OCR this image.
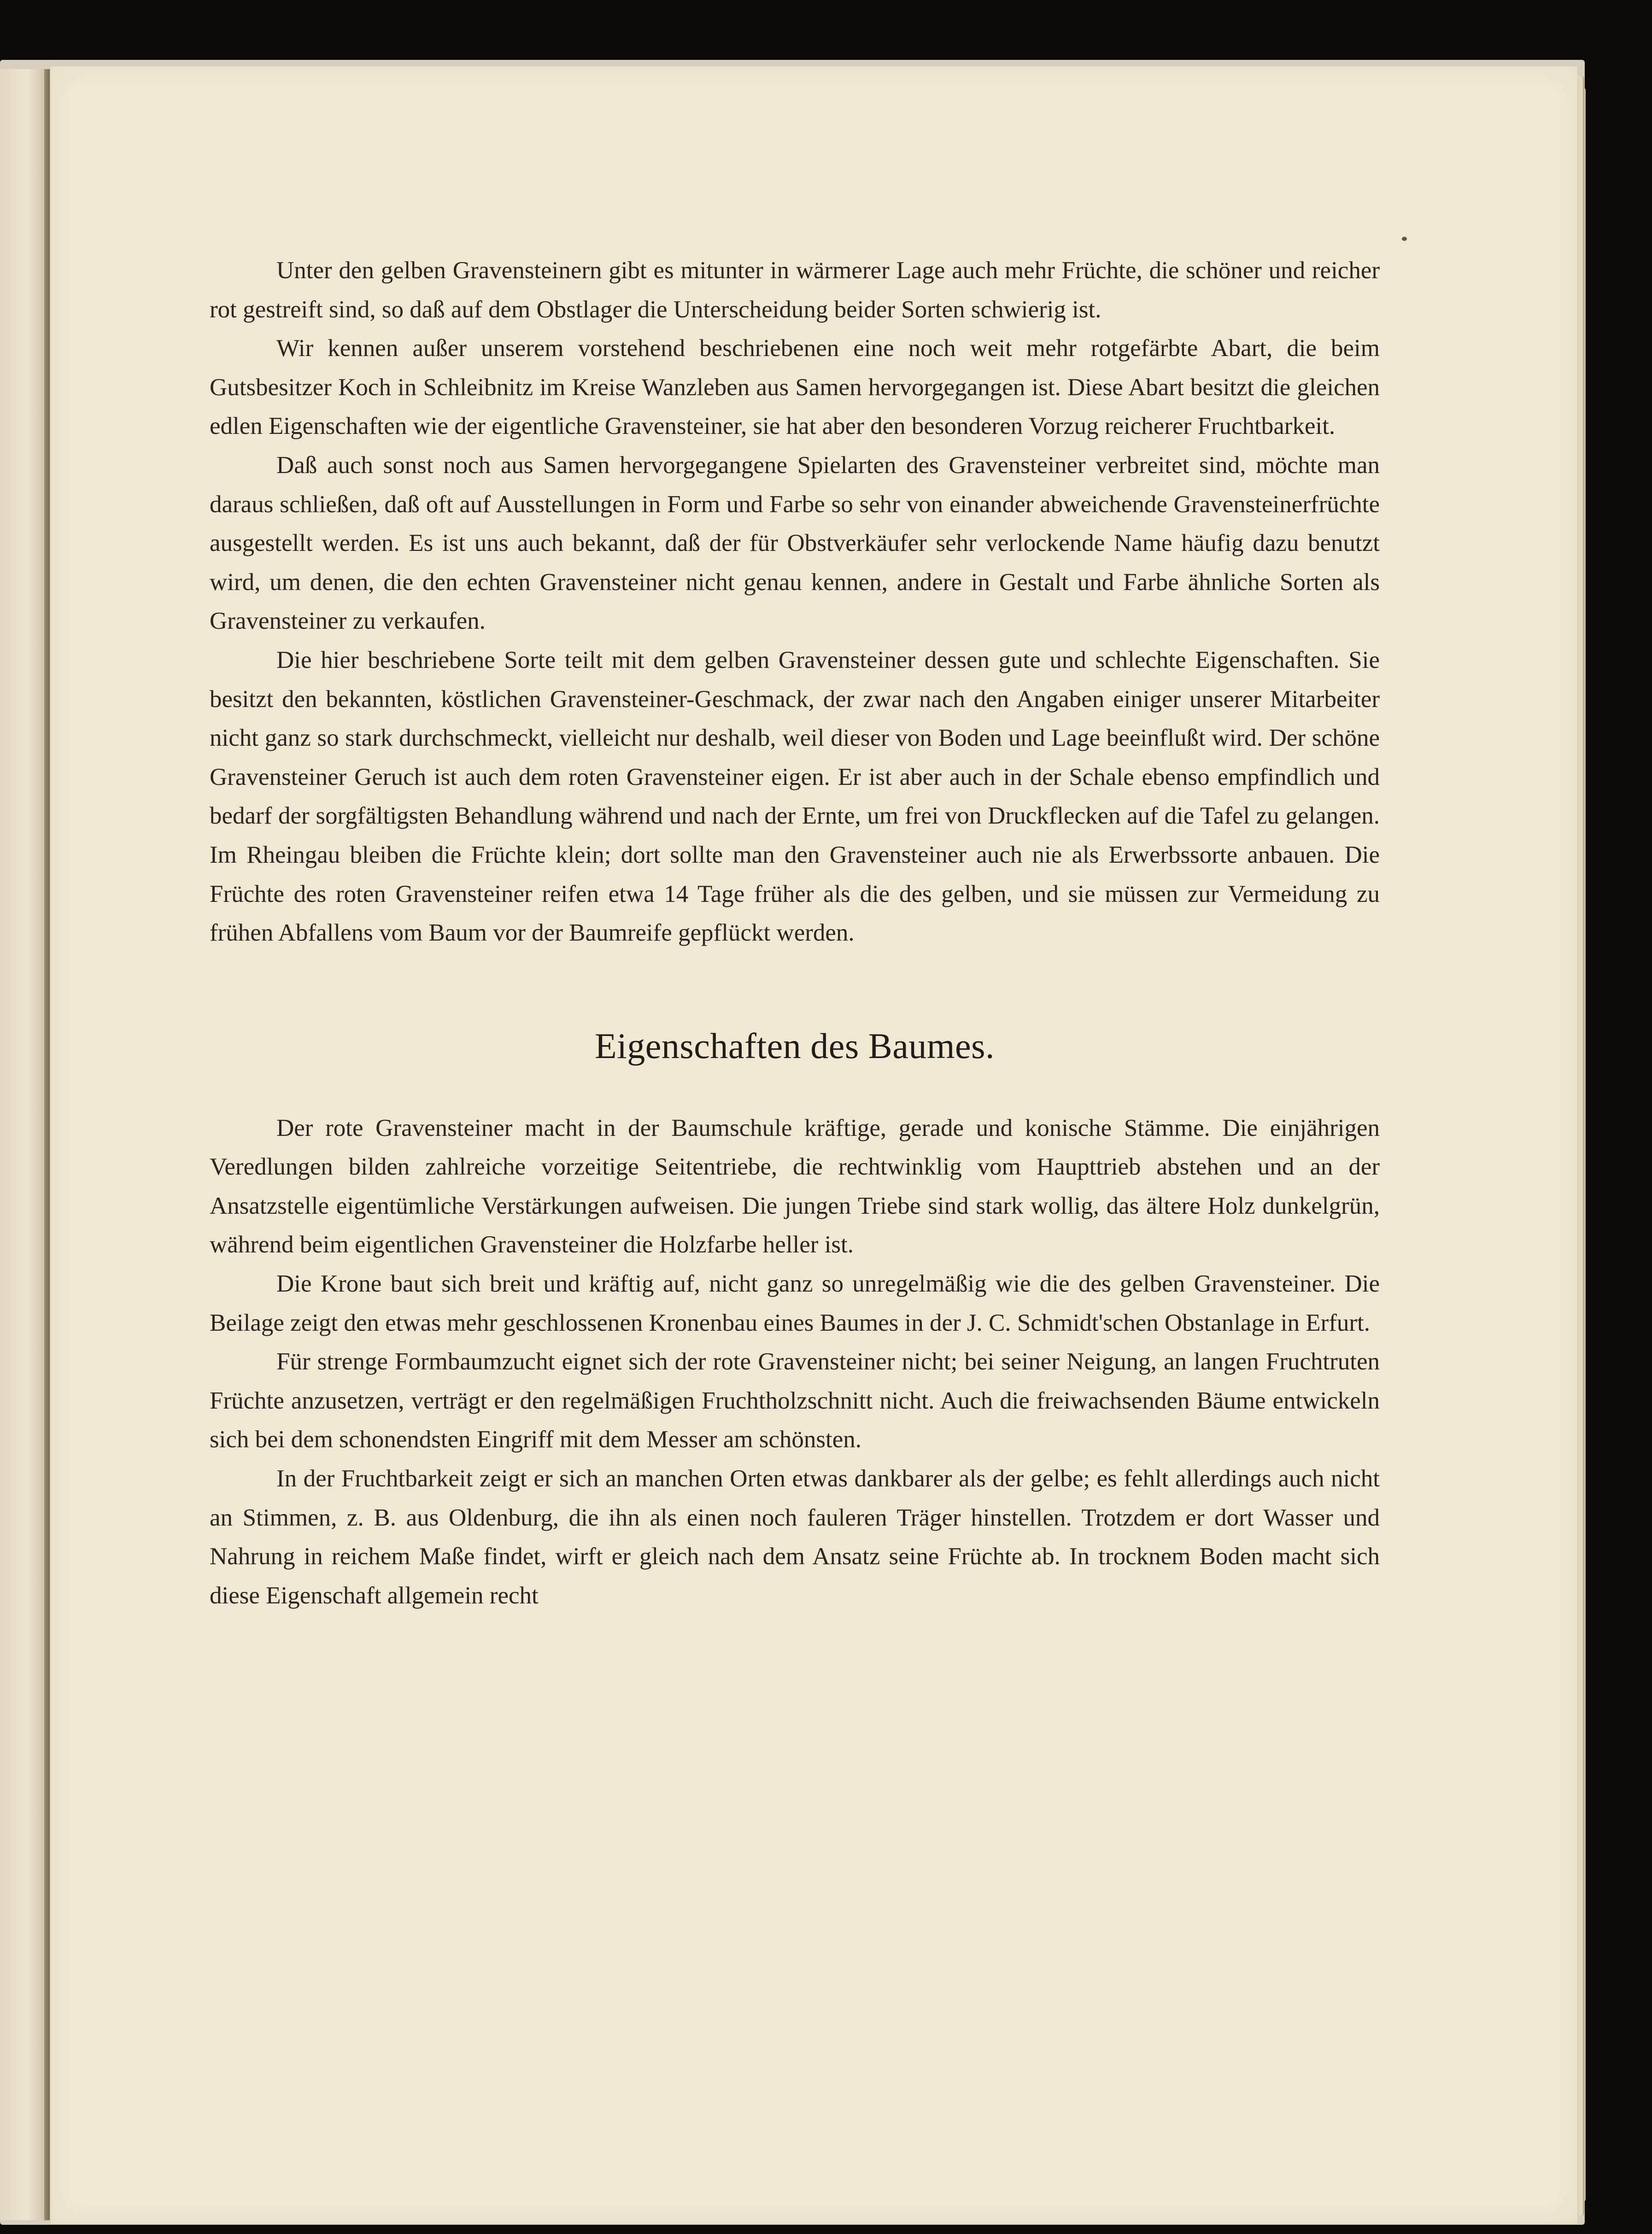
Unter den gelben Gravensteinern gibt es mitunter in wärmerer Lage auch mehr Früchte, die schöner und reicher rot gestreift sind, so daß auf dem Obstlager die Unterscheidung beider Sorten schwierig ist.

Wir kennen außer unserem vorstehend beschriebenen eine noch weit mehr rotgefärbte Abart, die beim Gutsbesitzer Koch in Schleibnitz im Kreise Wanzleben aus Samen hervorgegangen ist. Diese Abart besitzt die gleichen edlen Eigenschaften wie der eigentliche Gravensteiner, sie hat aber den besonderen Vorzug reicherer Fruchtbarkeit.

Daß auch sonst noch aus Samen hervorgegangene Spielarten des Gravensteiner verbreitet sind, möchte man daraus schließen, daß oft auf Ausstellungen in Form und Farbe so sehr von einander abweichende Gravensteinerfrüchte ausgestellt werden. Es ist uns auch bekannt, daß der für Obstverkäufer sehr verlockende Name häufig dazu benutzt wird, um denen, die den echten Gravensteiner nicht genau kennen, andere in Gestalt und Farbe ähnliche Sorten als Gravensteiner zu verkaufen.

Die hier beschriebene Sorte teilt mit dem gelben Gravensteiner dessen gute und schlechte Eigenschaften. Sie besitzt den bekannten, köstlichen Gravensteiner-Geschmack, der zwar nach den Angaben einiger unserer Mitarbeiter nicht ganz so stark durchschmeckt, vielleicht nur deshalb, weil dieser von Boden und Lage beeinflußt wird. Der schöne Gravensteiner Geruch ist auch dem roten Gravensteiner eigen. Er ist aber auch in der Schale ebenso empfindlich und bedarf der sorgfältigsten Behandlung während und nach der Ernte, um frei von Druckflecken auf die Tafel zu gelangen. Im Rheingau bleiben die Früchte klein; dort sollte man den Gravensteiner auch nie als Erwerbssorte anbauen. Die Früchte des roten Gravensteiner reifen etwa 14 Tage früher als die des gelben, und sie müssen zur Vermeidung zu frühen Abfallens vom Baum vor der Baumreife gepflückt werden.

Eigenschaften des Baumes.

Der rote Gravensteiner macht in der Baumschule kräftige, gerade und konische Stämme. Die einjährigen Veredlungen bilden zahlreiche vorzeitige Seitentriebe, die rechtwinklig vom Haupttrieb abstehen und an der Ansatzstelle eigentümliche Verstärkungen aufweisen. Die jungen Triebe sind stark wollig, das ältere Holz dunkelgrün, während beim eigentlichen Gravensteiner die Holzfarbe heller ist.

Die Krone baut sich breit und kräftig auf, nicht ganz so unregelmäßig wie die des gelben Gravensteiner. Die Beilage zeigt den etwas mehr geschlossenen Kronenbau eines Baumes in der J. C. Schmidt'schen Obstanlage in Erfurt.

Für strenge Formbaumzucht eignet sich der rote Gravensteiner nicht; bei seiner Neigung, an langen Fruchtruten Früchte anzusetzen, verträgt er den regelmäßigen Fruchtholzschnitt nicht. Auch die freiwachsenden Bäume entwickeln sich bei dem schonendsten Eingriff mit dem Messer am schönsten.

In der Fruchtbarkeit zeigt er sich an manchen Orten etwas dankbarer als der gelbe; es fehlt allerdings auch nicht an Stimmen, z. B. aus Oldenburg, die ihn als einen noch fauleren Träger hinstellen. Trotzdem er dort Wasser und Nahrung in reichem Maße findet, wirft er gleich nach dem Ansatz seine Früchte ab. In trocknem Boden macht sich diese Eigenschaft allgemein recht
